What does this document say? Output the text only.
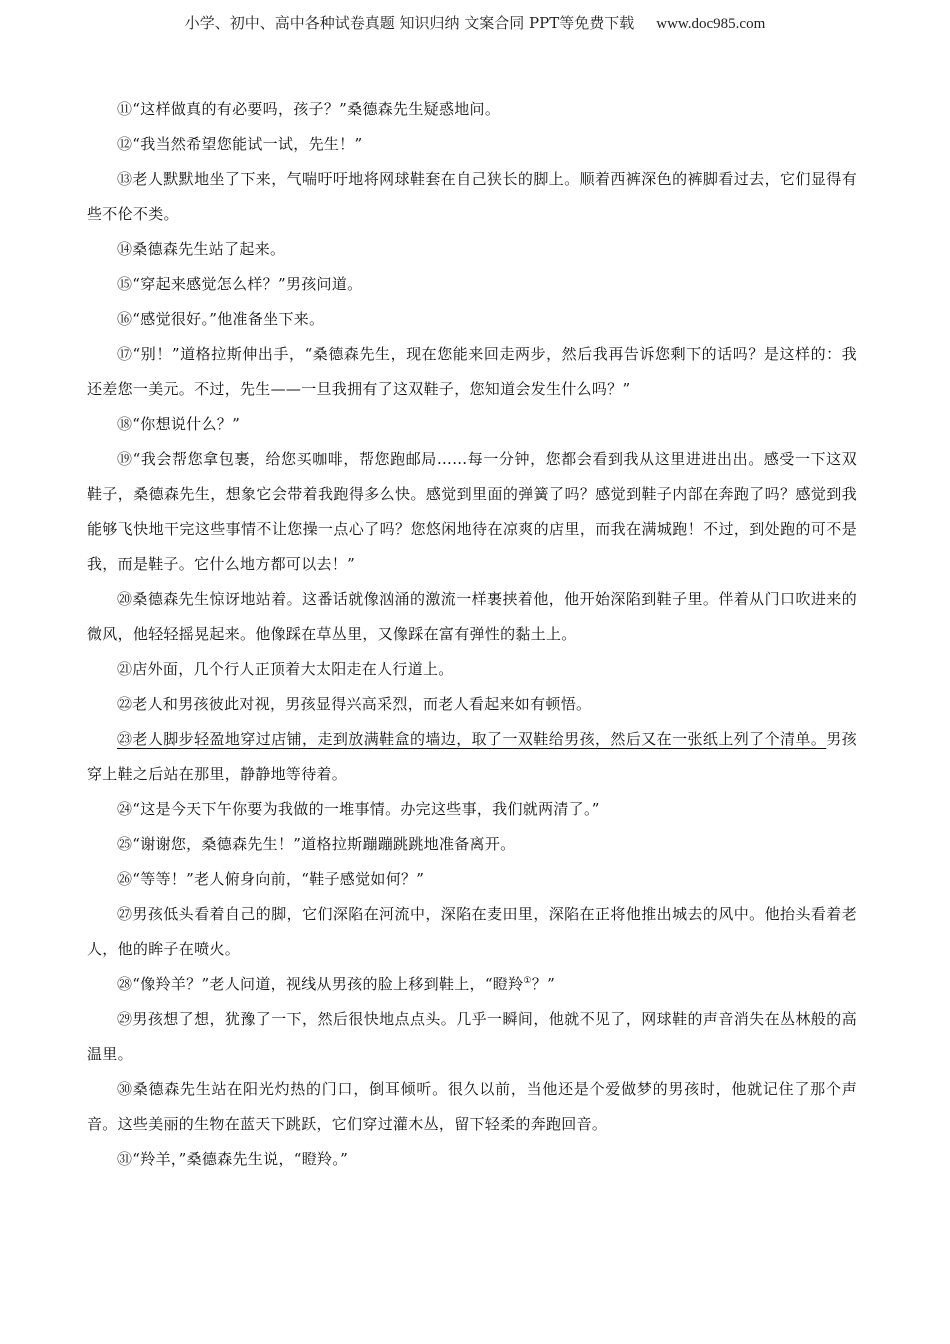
小学、初中、高中各种试卷真题 知识归纳 文案合同 PPT等免费下载 www.doc985.com

⑪“这样做真的有必要吗，孩子？”桑德森先生疑惑地问。

⑫“我当然希望您能试一试，先生！”

⑬老人默默地坐了下来，气喘吁吁地将网球鞋套在自己狭长的脚上。顺着西裤深色的裤脚看过去，它们显得有些不伦不类。

⑭桑德森先生站了起来。

⑮“穿起来感觉怎么样？”男孩问道。

⑯“感觉很好。”他准备坐下来。

⑰“别！”道格拉斯伸出手，“桑德森先生，现在您能来回走两步，然后我再告诉您剩下的话吗？是这样的：我还差您一美元。不过，先生——一旦我拥有了这双鞋子，您知道会发生什么吗？”

⑱“你想说什么？”

⑲“我会帮您拿包裹，给您买咖啡，帮您跑邮局……每一分钟，您都会看到我从这里进进出出。感受一下这双鞋子，桑德森先生，想象它会带着我跑得多么快。感觉到里面的弹簧了吗？感觉到鞋子内部在奔跑了吗？感觉到我能够飞快地干完这些事情不让您操一点心了吗？您悠闲地待在凉爽的店里，而我在满城跑！不过，到处跑的可不是我，而是鞋子。它什么地方都可以去！”

⑳桑德森先生惊讶地站着。这番话就像汹涌的激流一样裹挟着他，他开始深陷到鞋子里。伴着从门口吹进来的微风，他轻轻摇晃起来。他像踩在草丛里，又像踩在富有弹性的黏土上。

㉑店外面，几个行人正顶着大太阳走在人行道上。

㉒老人和男孩彼此对视，男孩显得兴高采烈，而老人看起来如有顿悟。

㉓老人脚步轻盈地穿过店铺，走到放满鞋盒的墙边，取了一双鞋给男孩，然后又在一张纸上列了个清单。男孩穿上鞋之后站在那里，静静地等待着。

㉔“这是今天下午你要为我做的一堆事情。办完这些事，我们就两清了。”

㉕“谢谢您，桑德森先生！”道格拉斯蹦蹦跳跳地准备离开。

㉖“等等！”老人俯身向前，“鞋子感觉如何？”

㉗男孩低头看着自己的脚，它们深陷在河流中，深陷在麦田里，深陷在正将他推出城去的风中。他抬头看着老人，他的眸子在喷火。

㉘“像羚羊？”老人问道，视线从男孩的脸上移到鞋上，“瞪羚①？”

㉙男孩想了想，犹豫了一下，然后很快地点点头。几乎一瞬间，他就不见了，网球鞋的声音消失在丛林般的高温里。

㉚桑德森先生站在阳光灼热的门口，倒耳倾听。很久以前，当他还是个爱做梦的男孩时，他就记住了那个声音。这些美丽的生物在蓝天下跳跃，它们穿过灌木丛，留下轻柔的奔跑回音。

㉛“羚羊，”桑德森先生说，“瞪羚。”
